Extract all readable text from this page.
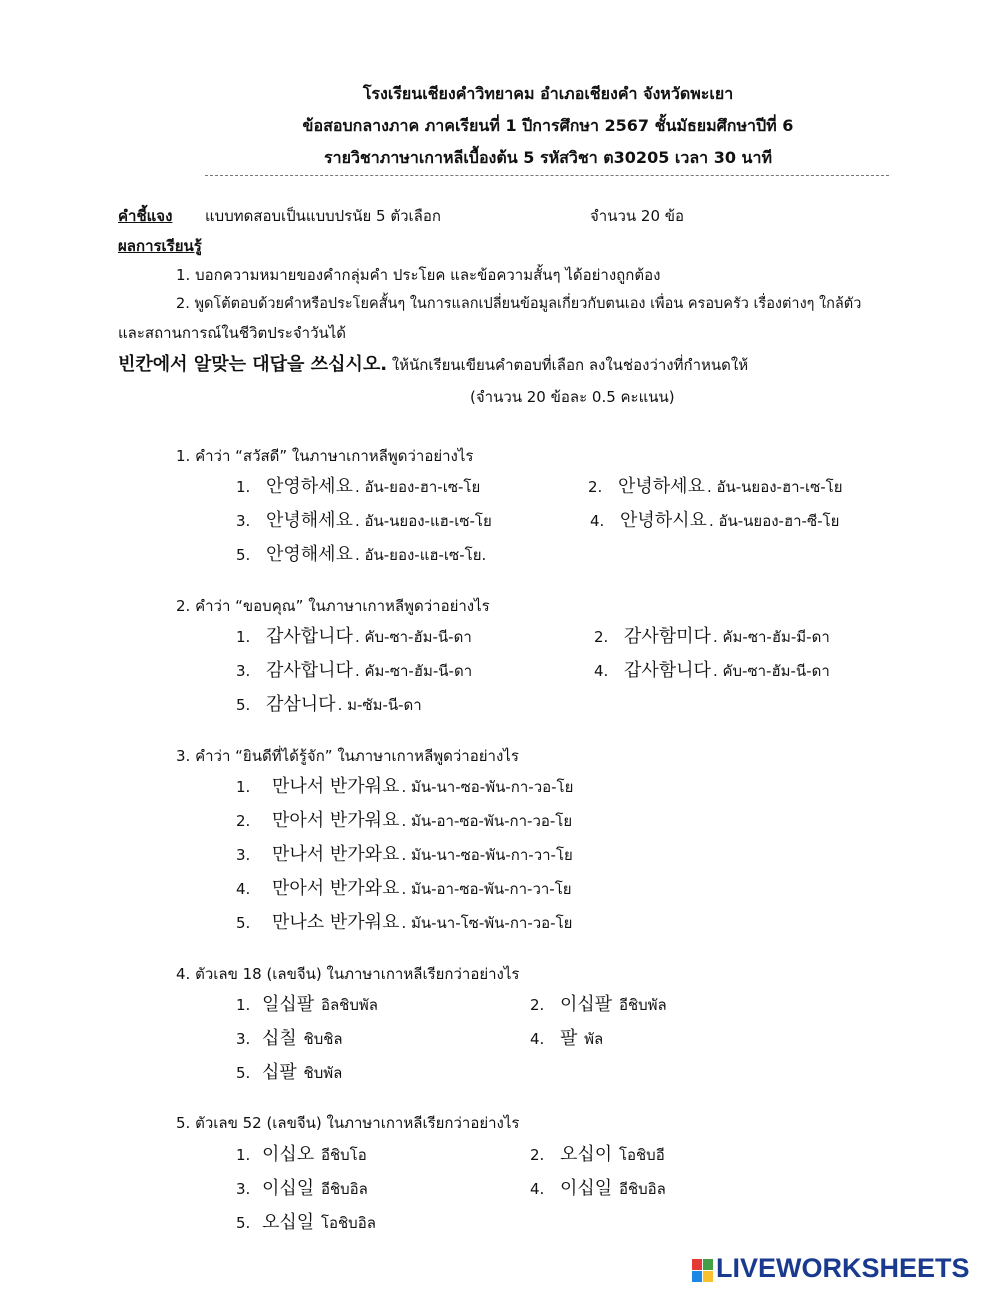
โรงเรียนเชียงคำวิทยาคม อำเภอเชียงคำ จังหวัดพะเยา
ข้อสอบกลางภาค ภาคเรียนที่ 1 ปีการศึกษา 2567 ชั้นมัธยมศึกษาปีที่ 6
รายวิชาภาษาเกาหลีเบื้องต้น 5 รหัสวิชา ต30205 เวลา 30 นาที
คำชี้แจง แบบทดสอบเป็นแบบปรนัย 5 ตัวเลือก	จำนวน 20 ข้อ
ผลการเรียนรู้
1. บอกความหมายของคำกลุ่มคำ ประโยค และข้อความสั้นๆ ได้อย่างถูกต้อง
2. พูดโต้ตอบด้วยคำหรือประโยคสั้นๆ ในการแลกเปลี่ยนข้อมูลเกี่ยวกับตนเอง เพื่อน ครอบครัว เรื่องต่างๆ ใกล้ตัว
และสถานการณ์ในชีวิตประจำวันได้
빈칸에서 알맞는 대답을 쓰십시오. ให้นักเรียนเขียนคำตอบที่เลือก ลงในช่องว่างที่กำหนดให้
(จำนวน 20 ข้อละ 0.5 คะแนน)
1. คำว่า “สวัสดี” ในภาษาเกาหลีพูดว่าอย่างไร
1. 안영하세요 . อัน-ยอง-ฮา-เซ-โย	2. 안녕하세요 . อัน-นยอง-ฮา-เซ-โย
3. 안녕해세요 . อัน-นยอง-แฮ-เซ-โย	4. 안녕하시요 . อัน-นยอง-ฮา-ซี-โย
5. 안영해세요 . อัน-ยอง-แฮ-เซ-โย.
2. คำว่า “ขอบคุณ” ในภาษาเกาหลีพูดว่าอย่างไร
1. 갑사합니다 . คับ-ซา-ฮัม-นี-ดา	2. 감사함미다 . คัม-ซา-ฮัม-มี-ดา
3. 감사합니다 . คัม-ซา-ฮัม-นี-ดา	4. 갑사함니다 . คับ-ซา-ฮัม-นี-ดา
5. 감삼니다 . ม-ซัม-นี-ดา
3. คำว่า “ยินดีที่ได้รู้จัก” ในภาษาเกาหลีพูดว่าอย่างไร
1. 만나서 반가워요 . มัน-นา-ซอ-พัน-กา-วอ-โย
2. 만아서 반가워요 . มัน-อา-ซอ-พัน-กา-วอ-โย
3. 만나서 반가와요 . มัน-นา-ซอ-พัน-กา-วา-โย
4. 만아서 반가와요 . มัน-อา-ซอ-พัน-กา-วา-โย
5. 만나소 반가워요 . มัน-นา-โซ-พัน-กา-วอ-โย
4. ตัวเลข 18 (เลขจีน) ในภาษาเกาหลีเรียกว่าอย่างไร
1. 일십팔 อิลชิบพัล	2. 이십팔 อีชิบพัล
3. 십칠 ชิบชิล	4. 팔 พัล
5. 십팔 ชิบพัล
5. ตัวเลข 52 (เลขจีน) ในภาษาเกาหลีเรียกว่าอย่างไร
1. 이십오 อีชิบโอ	2. 오십이 โอชิบอี
3. 이십일 อีชิบอิล	4. 이십일 อีชิบอิล
5. 오십일 โอชิบอิล
LIVEWORKSHEETS
